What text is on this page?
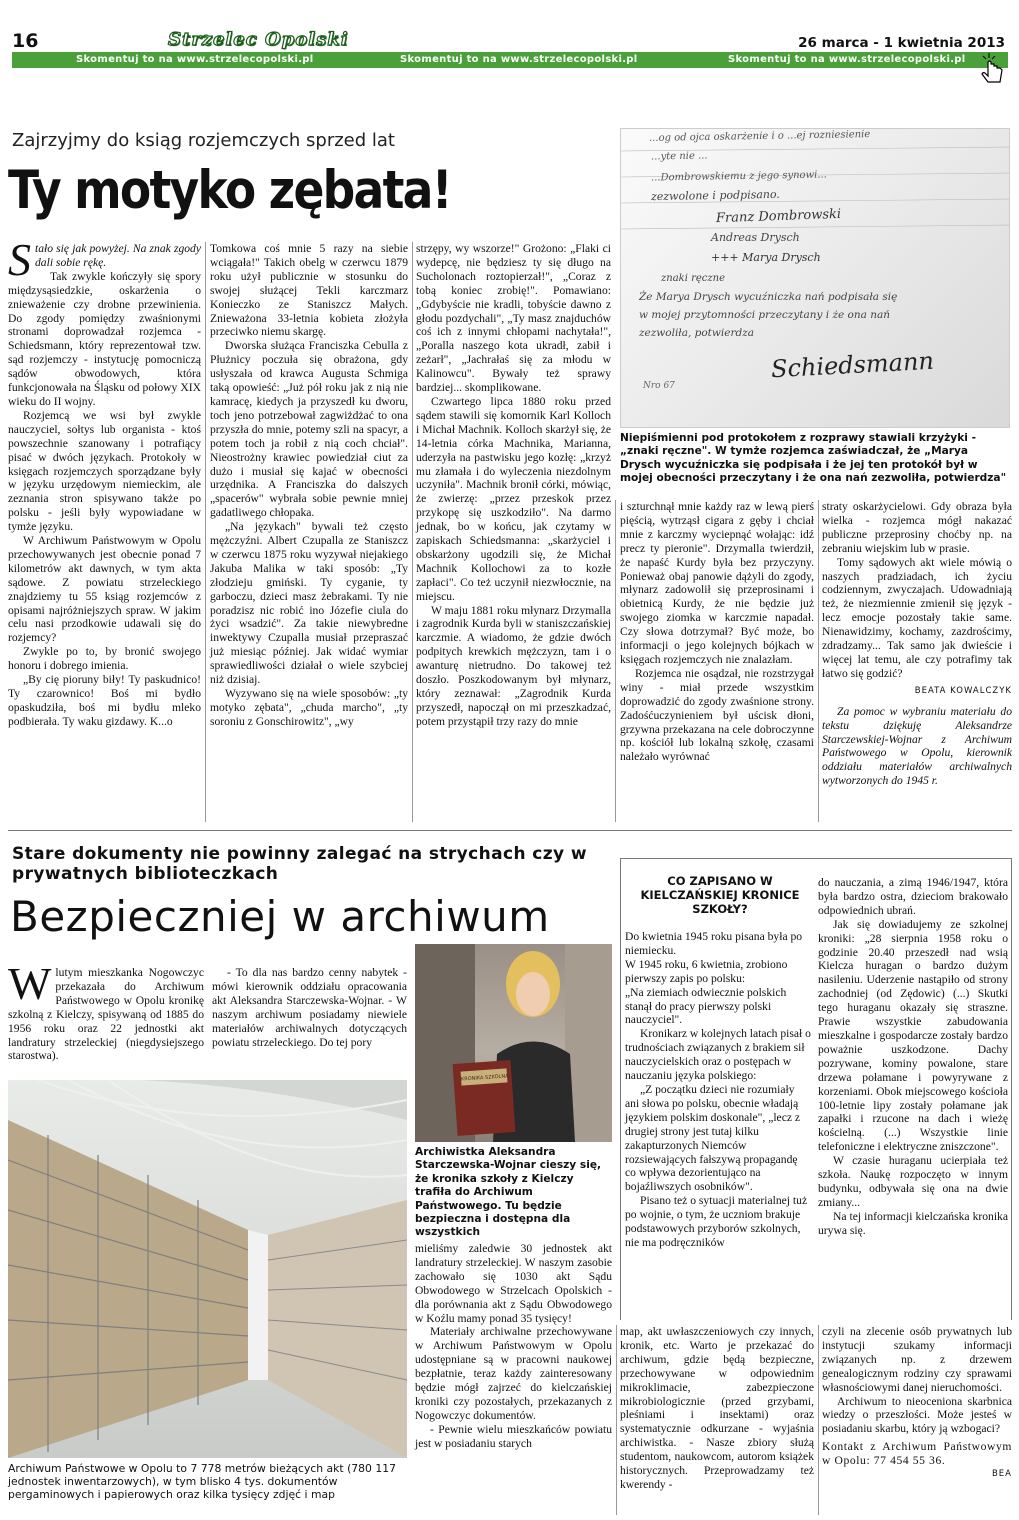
16	Strzelec Opolski	26 marca - 1 kwietnia 2013
Skomentuj to na www.strzelecopolski.pl	Skomentuj to na www.strzelecopolski.pl	Skomentuj to na www.strzelecopolski.pl
Zajrzyjmy do ksiąg rozjemczych sprzed lat
Ty motyko zębata!
...og od ojca oskarżenie i o ...ej rozniesienie
...yte nie ...
...Dombrowskiemu z jego synowi...
zezwolone i podpisano.
Franz Dombrowski
Andreas Drysch
+++ Marya Drysch
znaki ręczne
Że Marya Drysch wycuźniczka nań podpisała się
w mojej przytomności przeczytany i że ona nań
zezwoliła, potwierdza
Schiedsmann
Nro 67
Niepiśmienni pod protokołem z rozprawy stawiali krzyżyki - „znaki ręczne". W tymże rozjemca zaświadczał, że „Marya Drysch wycuźniczka się podpisała i że jej ten protokół był w mojej obecności przeczytany i że ona nań zezwoliła, potwierdza"

Stało się jak powyżej. Na znak zgody dali sobie rękę.

Tak zwykle kończyły się spory międzysąsiedzkie, oskarżenia o znieważenie czy drobne przewinienia. Do zgody pomiędzy zwaśnionymi stronami doprowadzał rozjemca - Schiedsmann, który reprezentował tzw. sąd rozjemczy - instytucję pomocniczą sądów obwodowych, która funkcjonowała na Śląsku od połowy XIX wieku do II wojny.

Rozjemcą we wsi był zwykle nauczyciel, sołtys lub organista - ktoś powszechnie szanowany i potrafiący pisać w dwóch językach. Protokoły w księgach rozjemczych sporządzane były w języku urzędowym niemieckim, ale zeznania stron spisywano także po polsku - jeśli były wypowiadane w tymże języku.

W Archiwum Państwowym w Opolu przechowywanych jest obecnie ponad 7 kilometrów akt dawnych, w tym akta sądowe. Z powiatu strzeleckiego znajdziemy tu 55 ksiąg rozjemców z opisami najróżniejszych spraw. W jakim celu nasi przodkowie udawali się do rozjemcy?

Zwykle po to, by bronić swojego honoru i dobrego imienia.

„By cię pioruny biły! Ty paskudnico! Ty czarownico! Boś mi bydło opaskudziła, boś mi bydłu mleko podbierała. Ty waku gizdawy. K...o

Tomkowa coś mnie 5 razy na siebie wciągała!" Takich obelg w czerwcu 1879 roku użył publicznie w stosunku do swojej służącej Tekli karczmarz Konieczko ze Staniszcz Małych. Znieważona 33-letnia kobieta złożyła przeciwko niemu skargę.

Dworska służąca Franciszka Cebulla z Płużnicy poczuła się obrażona, gdy usłyszała od krawca Augusta Schmiga taką opowieść: „Już pół roku jak z nią nie kamracę, kiedych ja przyszedł ku dworu, toch jeno potrzebował zagwiżdżać to ona przyszła do mnie, potemy szli na spacyr, a potem toch ja robił z nią coch chciał". Nieostrożny krawiec powiedział ciut za dużo i musiał się kajać w obecności urzędnika. A Franciszka do dalszych „spacerów" wybrała sobie pewnie mniej gadatliwego chłopaka.

„Na językach" bywali też często mężczyźni. Albert Czupalla ze Staniszcz w czerwcu 1875 roku wyzywał niejakiego Jakuba Malika w taki sposób: „Ty złodzieju gmiński. Ty cyganie, ty garboczu, dzieci masz żebrakami. Ty nie poradzisz nic robić ino Józefie ciula do życi wsadzić". Za takie niewybredne inwektywy Czupalla musiał przepraszać już miesiąc później. Jak widać wymiar sprawiedliwości działał o wiele szybciej niż dzisiaj.

Wyzywano się na wiele sposobów: „ty motyko zębata", „chuda marcho", „ty soroniu z Gonschirowitz", „wy

strzępy, wy wszorze!" Grożono: „Flaki ci wydepcę, nie będziesz ty się długo na Sucholonach roztopierzał!", „Coraz z tobą koniec zrobię!". Pomawiano: „Gdybyście nie kradli, tobyście dawno z głodu pozdychali", „Ty masz znajduchów coś ich z innymi chłopami nachytała!", „Poralla naszego kota ukradł, zabił i zeżarł", „Jachrałaś się za młodu w Kalinowcu". Bywały też sprawy bardziej... skomplikowane.

Czwartego lipca 1880 roku przed sądem stawili się komornik Karl Kolloch i Michał Machnik. Kolloch skarżył się, że 14-letnia córka Machnika, Marianna, uderzyła na pastwisku jego kozłę: „krzyż mu złamała i do wyleczenia niezdolnym uczyniła". Machnik bronił córki, mówiąc, że zwierzę: „przez przeskok przez przykopę się uszkodziło". Na darmo jednak, bo w końcu, jak czytamy w zapiskach Schiedsmanna: „skarżyciel i obskarżony ugodzili się, że Michał Machnik Kollochowi za to kozłe zapłaci". Co też uczynił niezwłocznie, na miejscu.

W maju 1881 roku młynarz Drzymalla i zagrodnik Kurda byli w staniszczańskiej karczmie. A wiadomo, że gdzie dwóch podpitych krewkich mężczyzn, tam i o awanturę nietrudno. Do takowej też doszło. Poszkodowanym był młynarz, który zeznawał: „Zagrodnik Kurda przyszedł, napoczął on mi przeszkadzać, potem przystąpił trzy razy do mnie

i szturchnął mnie każdy raz w lewą pierś pięścią, wytrząsł cigara z gęby i chciał mnie z karczmy wyciepnąć wołając: idź precz ty pieronie". Drzymalla twierdził, że napaść Kurdy była bez przyczyny. Ponieważ obaj panowie dążyli do zgody, młynarz zadowolił się przeprosinami i obietnicą Kurdy, że nie będzie już swojego ziomka w karczmie napadał. Czy słowa dotrzymał? Być może, bo informacji o jego kolejnych bójkach w księgach rozjemczych nie znalazłam.

Rozjemca nie osądzał, nie rozstrzygał winy - miał przede wszystkim doprowadzić do zgody zwaśnione strony. Zadośćuczynieniem był uścisk dłoni, grzywna przekazana na cele dobroczynne np. kościół lub lokalną szkołę, czasami należało wyrównać

straty oskarżycielowi. Gdy obraza była wielka - rozjemca mógł nakazać publiczne przeprosiny choćby np. na zebraniu wiejskim lub w prasie.

Tomy sądowych akt wiele mówią o naszych pradziadach, ich życiu codziennym, zwyczajach. Udowadniają też, że niezmiennie zmienił się język - lecz emocje pozostały takie same. Nienawidzimy, kochamy, zazdrościmy, zdradzamy... Tak samo jak dwieście i więcej lat temu, ale czy potrafimy tak łatwo się godzić?

BEATA KOWALCZYK

Za pomoc w wybraniu materiału do tekstu dziękuję Aleksandrze Starczewskiej-Wojnar z Archiwum Państwowego w Opolu, kierownik oddziału materiałów archiwalnych wytworzonych do 1945 r.

Stare dokumenty nie powinny zalegać na strychach czy w prywatnych biblioteczkach
Bezpieczniej w archiwum

Wlutym mieszkanka Nogowczyc przekazała do Archiwum Państwowego w Opolu kronikę szkolną z Kielczy, spisywaną od 1885 do 1956 roku oraz 22 jednostki akt landratury strzeleckiej (niegdysiejszego starostwa).

- To dla nas bardzo cenny nabytek - mówi kierownik oddziału opracowania akt Aleksandra Starczewska-Wojnar. - W naszym archiwum posiadamy niewiele materiałów archiwalnych dotyczących powiatu strzeleckiego. Do tej pory

Archiwum Państwowe w Opolu to 7 778 metrów bieżących akt (780 117 jednostek inwentarzowych), w tym blisko 4 tys. dokumentów pergaminowych i papierowych oraz kilka tysięcy zdjęć i map
KRONIKA SZKOLNA
Archiwistka Aleksandra Starczewska-Wojnar cieszy się, że kronika szkoły z Kielczy trafiła do Archiwum Państwowego. Tu będzie bezpieczna i dostępna dla wszystkich

mieliśmy zaledwie 30 jednostek akt landratury strzeleckiej. W naszym zasobie zachowało się 1030 akt Sądu Obwodowego w Strzelcach Opolskich - dla porównania akt z Sądu Obwodowego w Koźlu mamy ponad 35 tysięcy!

Materiały archiwalne przechowywane w Archiwum Państwowym w Opolu udostępniane są w pracowni naukowej bezpłatnie, teraz każdy zainteresowany będzie mógł zajrzeć do kielczańskiej kroniki czy pozostałych, przekazanych z Nogowczyc dokumentów.

- Pewnie wielu mieszkańców powiatu jest w posiadaniu starych

map, akt uwłaszczeniowych czy innych, kronik, etc. Warto je przekazać do archiwum, gdzie będą bezpieczne, przechowywane w odpowiednim mikroklimacie, zabezpieczone mikrobiologicznie (przed grzybami, pleśniami i insektami) oraz systematycznie odkurzane - wyjaśnia archiwistka. - Nasze zbiory służą studentom, naukowcom, autorom książek historycznych. Przeprowadzamy też kwerendy -

czyli na zlecenie osób prywatnych lub instytucji szukamy informacji związanych np. z drzewem genealogicznym rodziny czy sprawami własnościowymi danej nieruchomości.

Archiwum to nieoceniona skarbnica wiedzy o przeszłości. Może jesteś w posiadaniu skarbu, który ją wzbogaci?

Kontakt z Archiwum Państwowym w Opolu: 77 454 55 36.

BEA
CO ZAPISANO W KIELCZAŃSKIEJ KRONICE SZKOŁY?

Do kwietnia 1945 roku pisana była po niemiecku.

W 1945 roku, 6 kwietnia, zrobiono pierwszy zapis po polsku:

„Na ziemiach odwiecznie polskich stanął do pracy pierwszy polski nauczyciel".

Kronikarz w kolejnych latach pisał o trudnościach związanych z brakiem sił nauczycielskich oraz o postępach w nauczaniu języka polskiego:

„Z początku dzieci nie rozumiały ani słowa po polsku, obecnie władają językiem polskim doskonale", „lecz z drugiej strony jest tutaj kilku zakapturzonych Niemców rozsiewających fałszywą propagandę co wpływa dezorientująco na bojaźliwszych osobników".

Pisano też o sytuacji materialnej tuż po wojnie, o tym, że uczniom brakuje podstawowych przyborów szkolnych, nie ma podręczników

do nauczania, a zimą 1946/1947, która była bardzo ostra, dzieciom brakowało odpowiednich ubrań.

Jak się dowiadujemy ze szkolnej kroniki: „28 sierpnia 1958 roku o godzinie 20.40 przeszedł nad wsią Kielcza huragan o bardzo dużym nasileniu. Uderzenie nastąpiło od strony zachodniej (od Zędowic) (...) Skutki tego huraganu okazały się straszne. Prawie wszystkie zabudowania mieszkalne i gospodarcze zostały bardzo poważnie uszkodzone. Dachy pozrywane, kominy powalone, stare drzewa połamane i powyrywane z korzeniami. Obok miejscowego kościoła 100-letnie lipy zostały połamane jak zapałki i rzucone na dach i wieżę kościelną. (...) Wszystkie linie telefoniczne i elektryczne zniszczone".

W czasie huraganu ucierpiała też szkoła. Naukę rozpoczęto w innym budynku, odbywała się ona na dwie zmiany...

Na tej informacji kielczańska kronika urywa się.
